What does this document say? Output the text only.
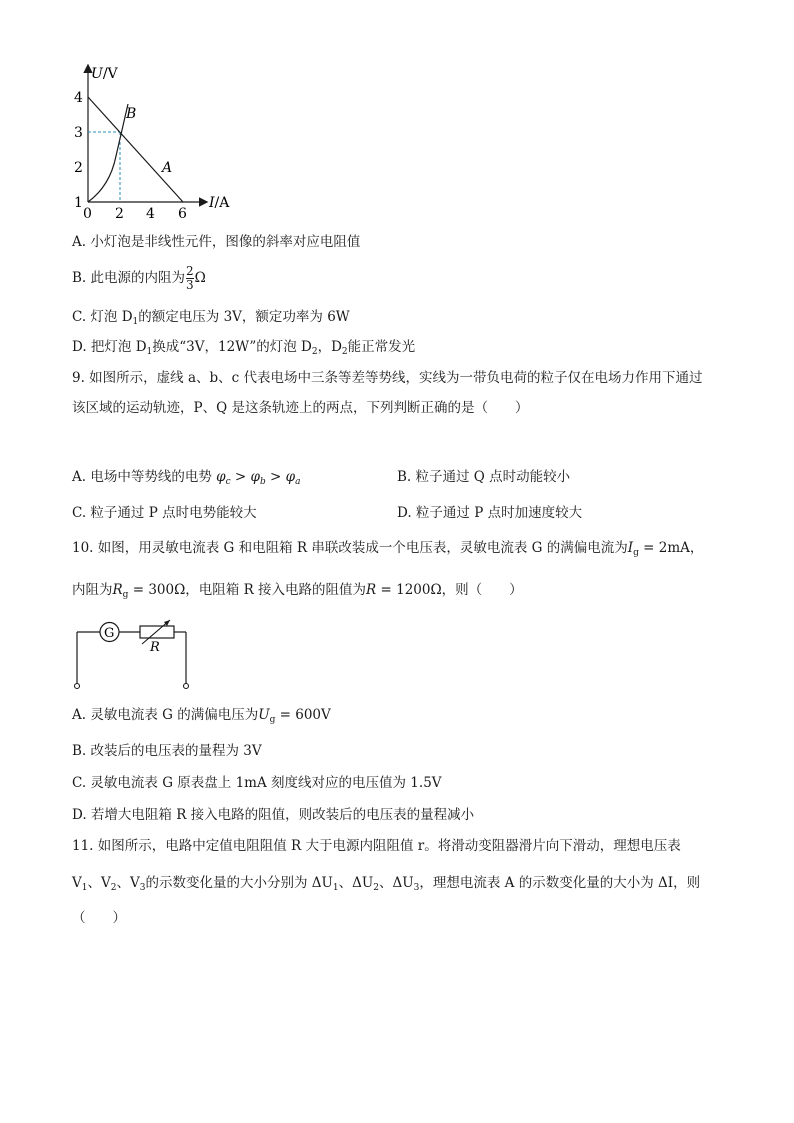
U/V
I/A
4
3
2
1
0 2 4 6
B
A
A. 小灯泡是非线性元件，图像的斜率对应电阻值
B. 此电源的内阻为$\frac{2}{3}$ Ω
C. 灯泡 $D_1$的额定电压为 3V，额定功率为 6W
D. 把灯泡 $D_1$换成“3V，12W”的灯泡 $D_2$，$D_2$能正常发光
9. 如图所示，虚线 a、b、c 代表电场中三条等差等势线，实线为一带负电荷的粒子仅在电场力作用下通过
该区域的运动轨迹，P、Q 是这条轨迹上的两点，下列判断正确的是（　　）
A. 电场中等势线的电势 $\varphi_c > \varphi_b > \varphi_a$	B. 粒子通过 Q 点时动能较小
C. 粒子通过 P 点时电势能较大	D. 粒子通过 P 点时加速度较大
10. 如图，用灵敏电流表 G 和电阻箱 R 串联改装成一个电压表，灵敏电流表 G 的满偏电流为$I_g = 2mA$，
内阻为$R_g = 300\Omega$，电阻箱 R 接入电路的阻值为R = 1200Ω，则（　　）
G
R
A. 灵敏电流表 G 的满偏电压为$U_g = 600V$
B. 改装后的电压表的量程为 3V
C. 灵敏电流表 G 原表盘上 1mA 刻度线对应的电压值为 1.5V
D. 若增大电阻箱 R 接入电路的阻值，则改装后的电压表的量程减小
11. 如图所示，电路中定值电阻阻值 R 大于电源内阻阻值 r。将滑动变阻器滑片向下滑动，理想电压表
$V_1$、$V_2$、$V_3$的示数变化量的大小分别为 $\Delta U_1$、$\Delta U_2$、$\Delta U_3$，理想电流表 A 的示数变化量的大小为 ΔI，则
（　　）
